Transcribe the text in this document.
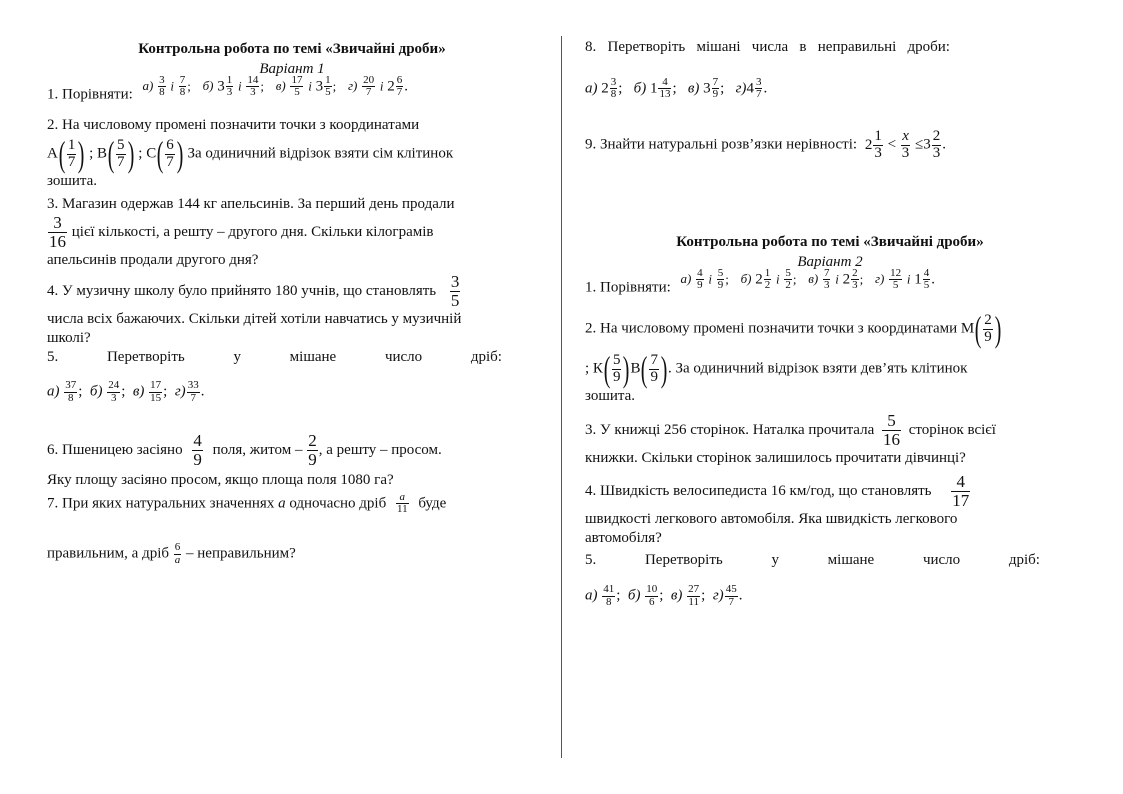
Контрольна робота по темі «Звичайні дроби»

Варіант 1

1. Порівняти: $а) \frac{3}{8}$ і $\frac{7}{8}$ ; б) $3 \frac{1}{3}$ і $\frac{14}{3}$ ; $в) \frac{17}{5}$ і $3 \frac{1}{5}$ ; $г) \frac{20}{7}$ і $2 \frac{6}{7}$ .
2. На числовому промені позначити точки з координатами
$А( \frac{1}{7}$ ) ; $В( \frac{5}{7}$ ) ; $С( \frac{6}{7}$ ) За одиничний відрізок взяти сім клітинок
зошита.
3. Магазин одержав 144 кг апельсинів. За перший день продали
$\frac{3}{16}$ цієї кількості, а решту – другого дня. Скільки кілограмів
апельсинів продали другого дня?
4. У музичну школу було прийнято 180 учнів, що становлять $\frac{3}{5}$
числа всіх бажаючих. Скільки дітей хотіли навчатись у музичній
школі?
5.	Перетворіть	у	мішане	число	дріб:
$а) \frac{37}{8}$ ;  $б) \frac{24}{3}$ ;  $в) \frac{17}{15}$ ;  $г) \frac{33}{7}$ .
6. Пшеницею засіяно $\frac{4}{9}$ поля, житом – $\frac{2}{9}$ , а решту – просом.
Яку площу засіяно просом, якщо площа поля 1080 га?
7. При яких натуральних значеннях а одночасно дріб $\frac{a}{11}$ буде
правильним, а дріб $\frac{6}{a}$ – неправильним?
8.   Перетворіть   мішані   числа   в   неправильні   дроби:
а) $2 \frac{3}{8}$ ;   б) $1 \frac{4}{13}$ ;   в) $3 \frac{7}{9}$ ;   $г)4 \frac{3}{7}$ .
9. Знайти натуральні розв’язки нерівності: $2 \frac{1}{3} < \frac{x}{3} \le 3 \frac{2}{3}$ .

Контрольна робота по темі «Звичайні дроби»

Варіант 2

1. Порівняти: $а) \frac{4}{9}$ і $\frac{5}{9}$ ; б) $2 \frac{1}{2}$ і $\frac{5}{2}$ ; $в) \frac{7}{3}$ і $2 \frac{2}{3}$ ; $г) \frac{12}{5}$ і $1 \frac{4}{5}$ .
2. На числовому промені позначити точки з координатами $М( \frac{2}{9}$ )
; $К( \frac{5}{9} )В( \frac{7}{9}$ ). За одиничний відрізок взяти дев’ять клітинок
зошита.
3. У книжці 256 сторінок. Наталка прочитала $\frac{5}{16}$ сторінок всієї
книжки. Скільки сторінок залишилось прочитати дівчинці?
4. Швидкість велосипедиста 16 км/год, що становлять $\frac{4}{17}$
швидкості легкового автомобіля. Яка швидкість легкового
автомобіля?
5.	Перетворіть	у	мішане	число	дріб:
$а) \frac{41}{8}$ ;  $б) \frac{10}{6}$ ;  $в) \frac{27}{11}$ ;  $г) \frac{45}{7}$ .
